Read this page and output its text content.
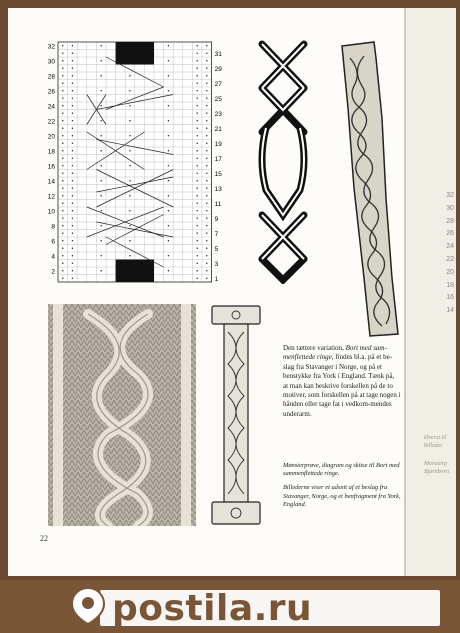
32
30
28
26
24
22
20
18
16
14
12
10
8
6
4
2
31
29
27
25
23
21
19
17
15
13
11
9
7
5
3
1
Den tættere variation, Bort med sam-menflettede ringe, findes bl.a. på et be-slag fra Stavanger i Norge, og på et benstykke fra York i England. Tænk på, at man kan beskrive forskellen på de to motiver, som forskellen på at tage nogen i hånden eller tage fat i vedkom-mendes underarm.

Mønsterprøve, diagram og skitse til Bort med sammenflettede ringe.

Billederne viser et udsnit af et beslag fra Stavanger, Norge, og et benfragment fra York, England.

22
32
30
28
26
24
22
20
18
16
14
Øverst til
billedet
Monsterp
Bjørnborn
postila.ru
